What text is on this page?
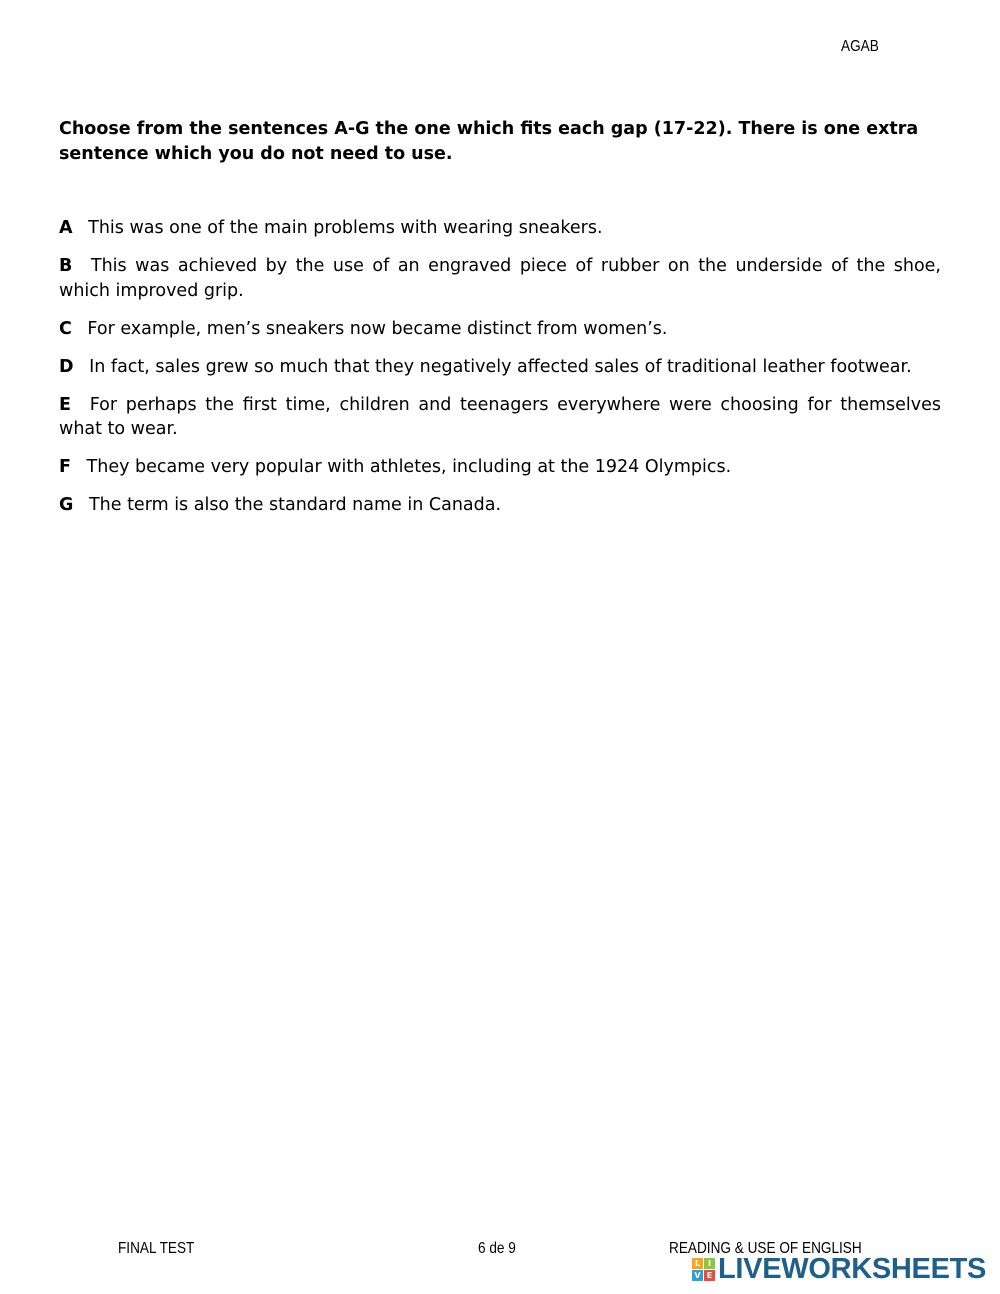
AGAB

Choose from the sentences A-G the one which fits each gap (17-22). There is one extra sentence which you do not need to use.

A This was one of the main problems with wearing sneakers.
B This was achieved by the use of an engraved piece of rubber on the underside of the shoe, which improved grip.
C For example, men’s sneakers now became distinct from women’s.
D In fact, sales grew so much that they negatively affected sales of traditional leather footwear.
E For perhaps the first time, children and teenagers everywhere were choosing for themselves what to wear.
F They became very popular with athletes, including at the 1924 Olympics.
G The term is also the standard name in Canada.
FINAL TEST	6 de 9	READING & USE OF ENGLISH
L I
V E LIVEWORKSHEETS
